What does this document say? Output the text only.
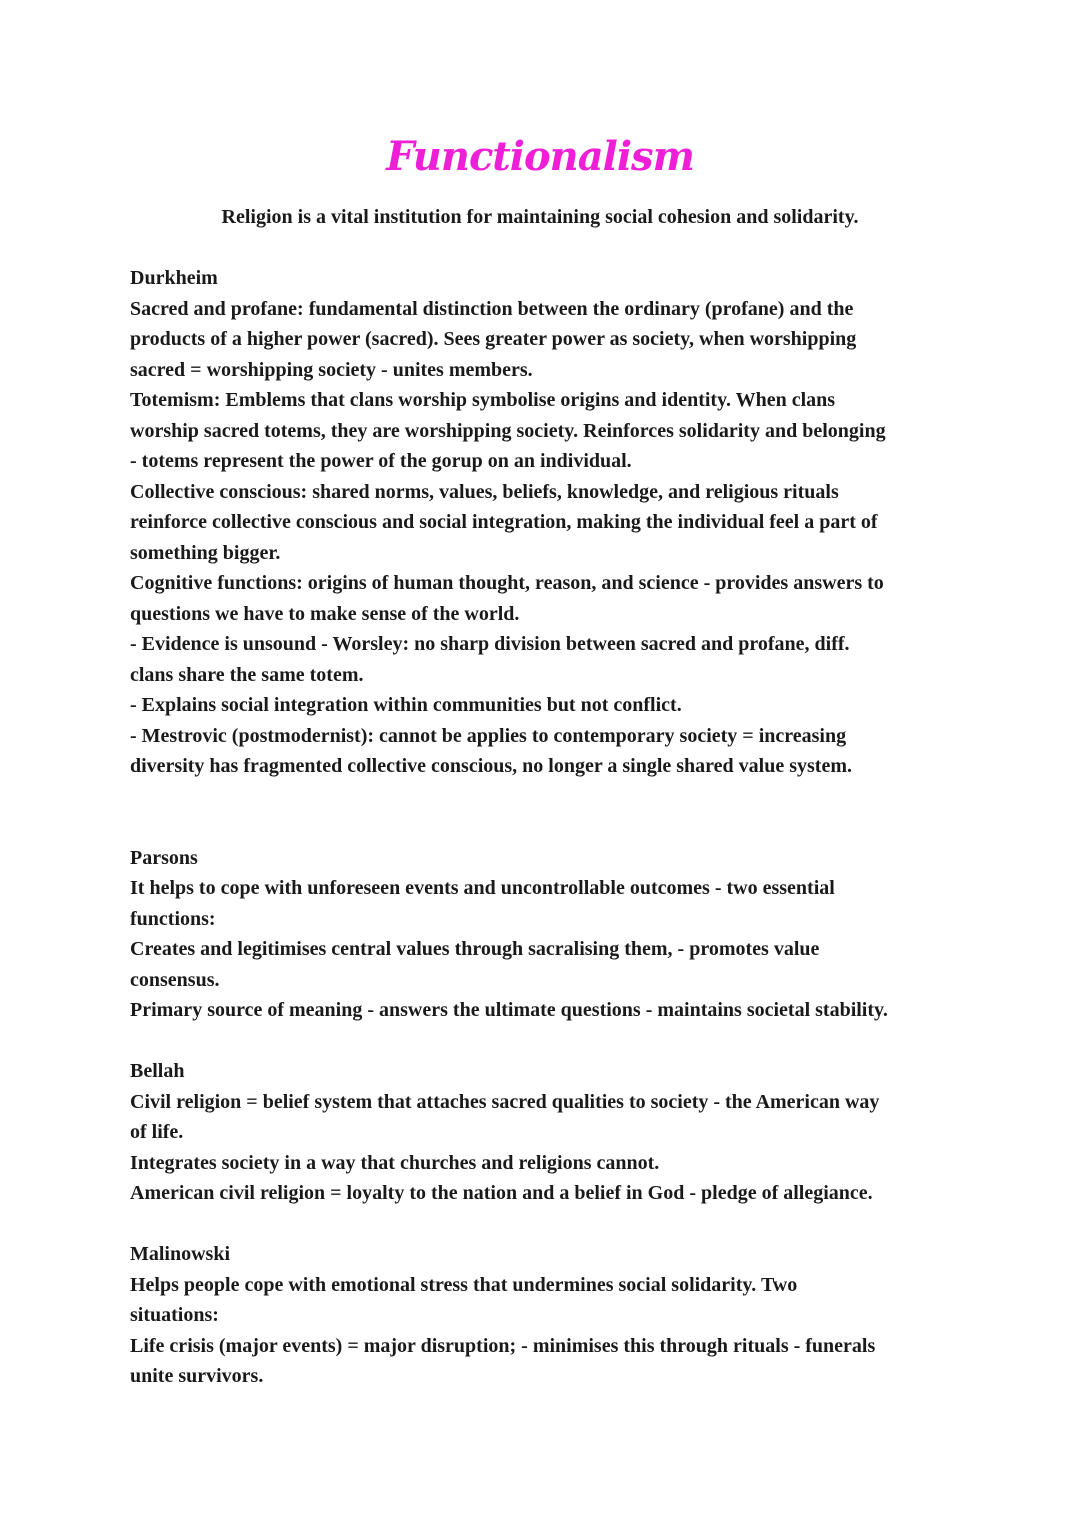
Functionalism
Religion is a vital institution for maintaining social cohesion and solidarity.
Durkheim
Sacred and profane: fundamental distinction between the ordinary (profane) and the
products of a higher power (sacred). Sees greater power as society, when worshipping
sacred = worshipping society - unites members.
Totemism: Emblems that clans worship symbolise origins and identity. When clans
worship sacred totems, they are worshipping society. Reinforces solidarity and belonging
- totems represent the power of the gorup on an individual.
Collective conscious: shared norms, values, beliefs, knowledge, and religious rituals
reinforce collective conscious and social integration, making the individual feel a part of
something bigger.
Cognitive functions: origins of human thought, reason, and science - provides answers to
questions we have to make sense of the world.
- Evidence is unsound - Worsley: no sharp division between sacred and profane, diff.
clans share the same totem.
- Explains social integration within communities but not conflict.
- Mestrovic (postmodernist): cannot be applies to contemporary society = increasing
diversity has fragmented collective conscious, no longer a single shared value system.
Parsons
It helps to cope with unforeseen events and uncontrollable outcomes - two essential
functions:
Creates and legitimises central values through sacralising them, - promotes value
consensus.
Primary source of meaning - answers the ultimate questions - maintains societal stability.
Bellah
Civil religion = belief system that attaches sacred qualities to society - the American way
of life.
Integrates society in a way that churches and religions cannot.
American civil religion = loyalty to the nation and a belief in God - pledge of allegiance.
Malinowski
Helps people cope with emotional stress that undermines social solidarity. Two
situations:
Life crisis (major events) = major disruption; - minimises this through rituals - funerals
unite survivors.
